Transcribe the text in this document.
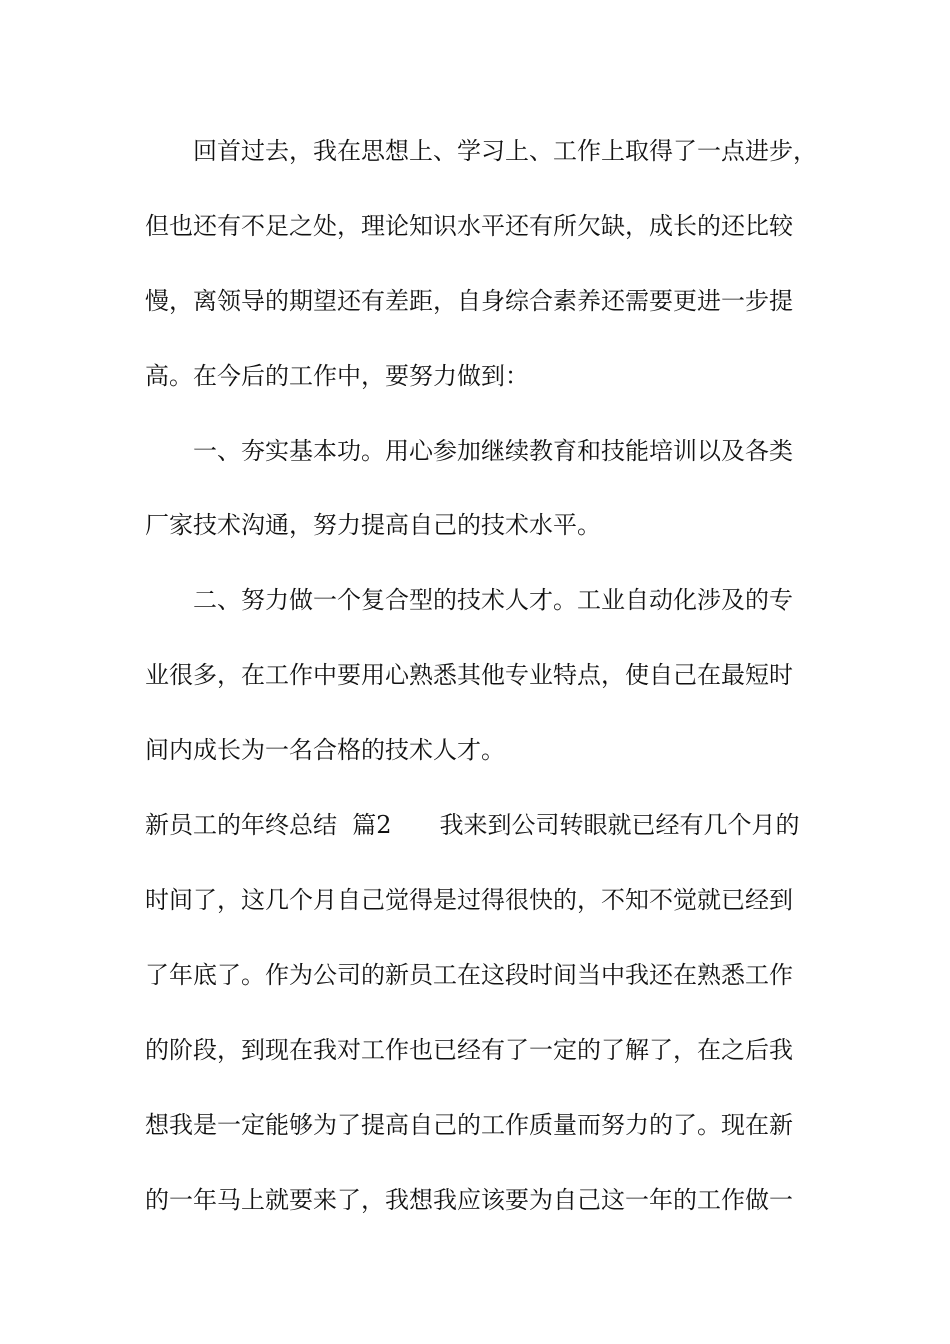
　　回首过去，我在思想上、学习上、工作上取得了一点进步，
但也还有不足之处，理论知识水平还有所欠缺，成长的还比较
慢，离领导的期望还有差距，自身综合素养还需要更进一步提
高。在今后的工作中，要努力做到：
　　一、夯实基本功。用心参加继续教育和技能培训以及各类
厂家技术沟通，努力提高自己的技术水平。
　　二、努力做一个复合型的技术人才。工业自动化涉及的专
业很多，在工作中要用心熟悉其他专业特点，使自己在最短时
间内成长为一名合格的技术人才。
新员工的年终总结  篇2　　我来到公司转眼就已经有几个月的
时间了，这几个月自己觉得是过得很快的，不知不觉就已经到
了年底了。作为公司的新员工在这段时间当中我还在熟悉工作
的阶段，到现在我对工作也已经有了一定的了解了，在之后我
想我是一定能够为了提高自己的工作质量而努力的了。现在新
的一年马上就要来了，我想我应该要为自己这一年的工作做一
